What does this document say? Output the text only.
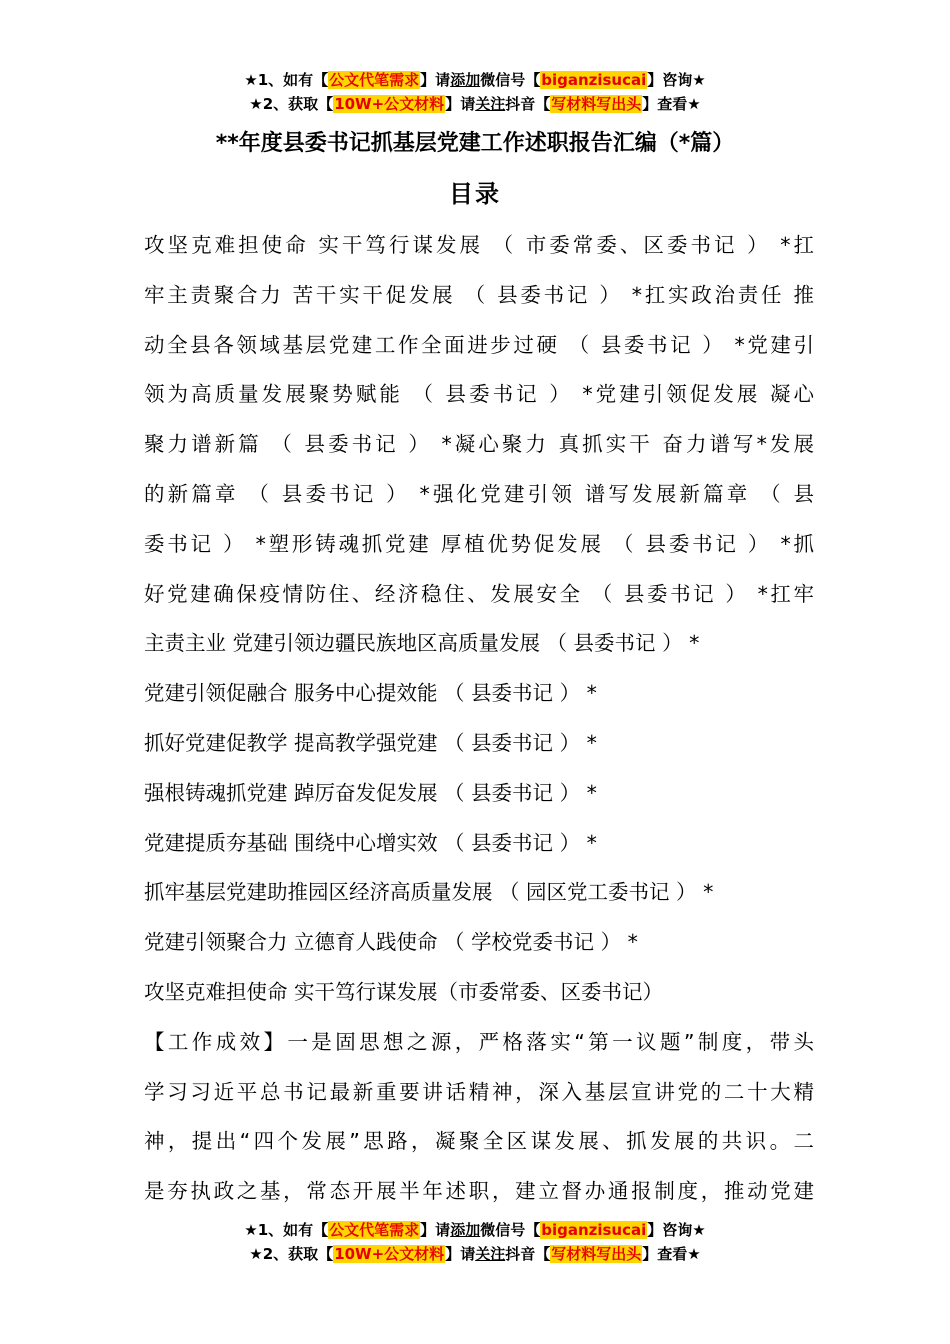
★1、如有【公文代笔需求】请添加微信号【biganzisucai】咨询★
★2、获取【10W+公文材料】请关注抖音【写材料写出头】查看★
**年度县委书记抓基层党建工作述职报告汇编（*篇）
目录
攻坚克难担使命 实干笃行谋发展 （ 市委常委、区委书记 ） *扛
牢主责聚合力 苦干实干促发展 （ 县委书记 ） *扛实政治责任 推
动全县各领域基层党建工作全面进步过硬 （ 县委书记 ） *党建引
领为高质量发展聚势赋能 （ 县委书记 ） *党建引领促发展 凝心
聚力谱新篇 （ 县委书记 ） *凝心聚力 真抓实干 奋力谱写*发展
的新篇章 （ 县委书记 ） *强化党建引领 谱写发展新篇章 （ 县
委书记 ） *塑形铸魂抓党建 厚植优势促发展 （ 县委书记 ） *抓
好党建确保疫情防住、经济稳住、发展安全 （ 县委书记 ） *扛牢
主责主业 党建引领边疆民族地区高质量发展 （ 县委书记 ） *
党建引领促融合 服务中心提效能 （ 县委书记 ） *
抓好党建促教学 提高教学强党建 （ 县委书记 ） *
强根铸魂抓党建 踔厉奋发促发展 （ 县委书记 ） *
党建提质夯基础 围绕中心增实效 （ 县委书记 ） *
抓牢基层党建助推园区经济高质量发展 （ 园区党工委书记 ） *
党建引领聚合力 立德育人践使命 （ 学校党委书记 ） *
攻坚克难担使命 实干笃行谋发展（市委常委、区委书记）
【工作成效】一是固思想之源，严格落实“第一议题”制度，带头
学习习近平总书记最新重要讲话精神，深入基层宣讲党的二十大精
神，提出“四个发展”思路，凝聚全区谋发展、抓发展的共识。二
是夯执政之基，常态开展半年述职，建立督办通报制度，推动党建
★1、如有【公文代笔需求】请添加微信号【biganzisucai】咨询★
★2、获取【10W+公文材料】请关注抖音【写材料写出头】查看★
